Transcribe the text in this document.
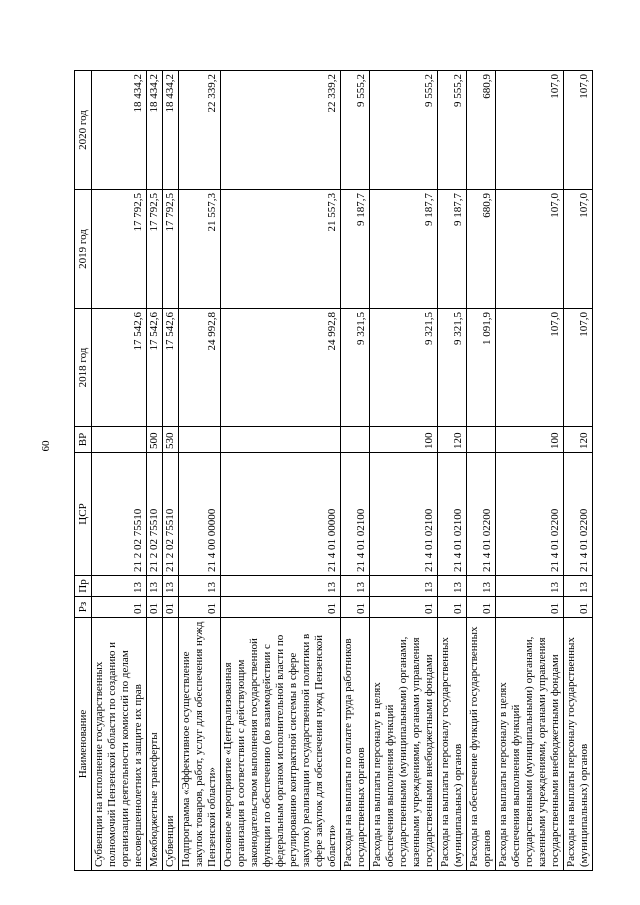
60
Наименование	Рз	Пр	ЦСР	ВР	2018 год	2019 год	2020 год
Субвенции на исполнение государственных полномочий Пензенской области по созданию и организации деятельности комиссий по делам несовершеннолетних и защите их прав	01	13	21 2 02 75510		17 542,6	17 792,5	18 434,2
Межбюджетные трансферты	01	13	21 2 02 75510	500	17 542,6	17 792,5	18 434,2
Субвенции	01	13	21 2 02 75510	530	17 542,6	17 792,5	18 434,2
Подпрограмма «Эффективное осуществление закупок товаров, работ, услуг для обеспечения нужд Пензенской области»	01	13	21 4 00 00000		24 992,8	21 557,3	22 339,2
Основное мероприятие «Централизованная организация в соответствии с действующим законодательством выполнения государственной функции по обеспечению (во взаимодействии с федеральным органом исполнительной власти по регулированию контрактной системы в сфере закупок) реализации государственной политики в сфере закупок для обеспечения нужд Пензенской области»	01	13	21 4 01 00000		24 992,8	21 557,3	22 339,2
Расходы на выплаты по оплате труда работников государственных органов	01	13	21 4 01 02100		9 321,5	9 187,7	9 555,2
Расходы на выплаты персоналу в целях обеспечения выполнения функций государственными (муниципальными) органами, казенными учреждениями, органами управления государственными внебюджетными фондами	01	13	21 4 01 02100	100	9 321,5	9 187,7	9 555,2
Расходы на выплаты персоналу государственных (муниципальных) органов	01	13	21 4 01 02100	120	9 321,5	9 187,7	9 555,2
Расходы на обеспечение функций государственных органов	01	13	21 4 01 02200		1 091,9	680,9	680,9
Расходы на выплаты персоналу в целях обеспечения выполнения функций государственными (муниципальными) органами, казенными учреждениями, органами управления государственными внебюджетными фондами	01	13	21 4 01 02200	100	107,0	107,0	107,0
Расходы на выплаты персоналу государственных (муниципальных) органов	01	13	21 4 01 02200	120	107,0	107,0	107,0
